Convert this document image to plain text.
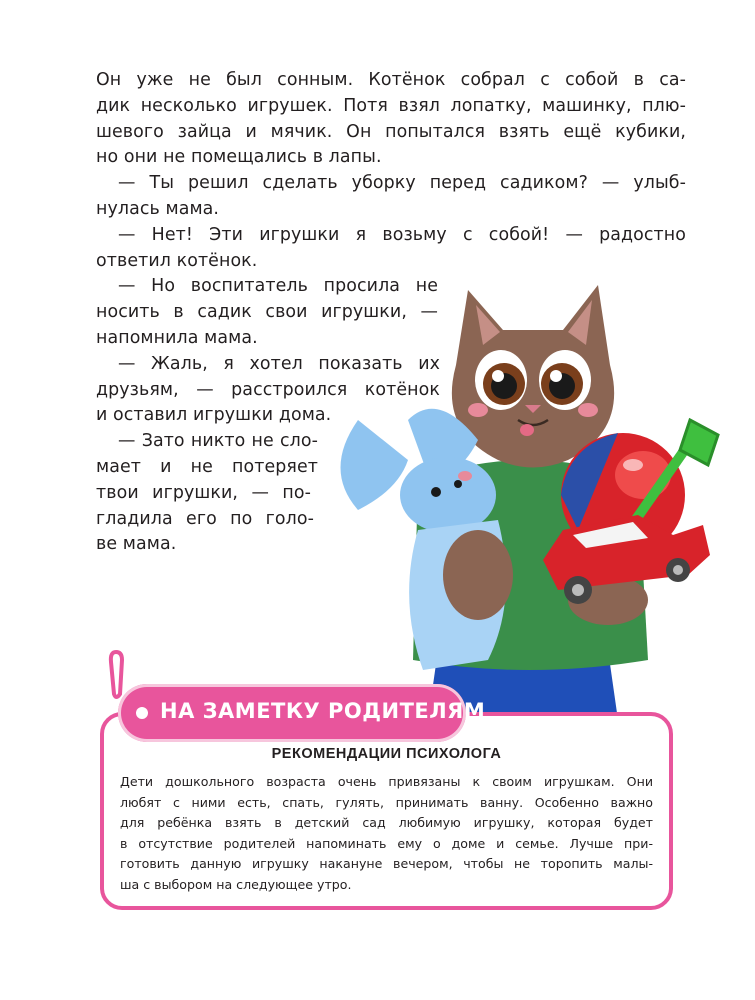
Он уже не был сонным. Котёнок собрал с собой в са-
дик несколько игрушек. Потя взял лопатку, машинку, плю-
шевого зайца и мячик. Он попытался взять ещё кубики,
но они не помещались в лапы.
— Ты решил сделать уборку перед садиком? — улыб-
нулась мама.
— Нет! Эти игрушки я возьму с собой! — радостно
ответил котёнок.
— Но воспитатель просила не
носить в садик свои игрушки, —
напомнила мама.
— Жаль, я хотел показать их
друзьям, — расстроился котёнок
и оставил игрушки дома.
— Зато никто не сло-
мает и не потеряет
твои игрушки, — по-
гладила его по голо-
ве мама.
НА ЗАМЕТКУ РОДИТЕЛЯМ
РЕКОМЕНДАЦИИ ПСИХОЛОГА
Дети дошкольного возраста очень привязаны к своим игрушкам. Они
любят с ними есть, спать, гулять, принимать ванну. Особенно важно
для ребёнка взять в детский сад любимую игрушку, которая будет
в отсутствие родителей напоминать ему о доме и семье. Лучше при-
готовить данную игрушку накануне вечером, чтобы не торопить малы-
ша с выбором на следующее утро.
